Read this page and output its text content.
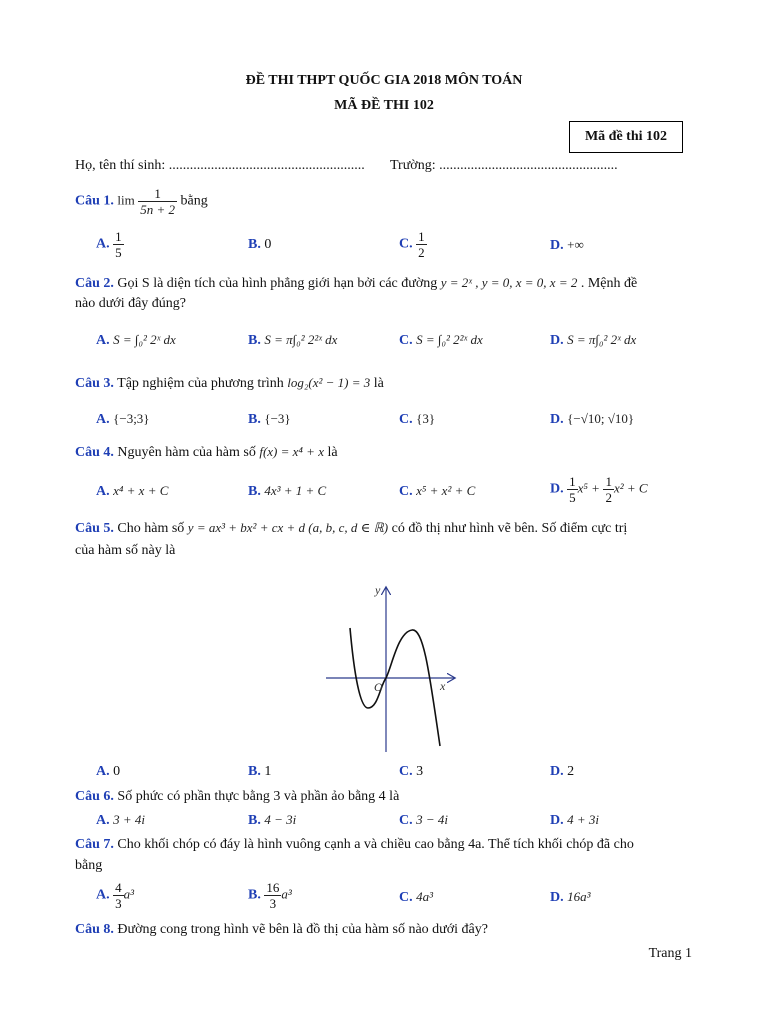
ĐỀ THI THPT QUỐC GIA 2018 MÔN TOÁN
MÃ ĐỀ THI 102
Mã đề thi 102
Họ, tên thí sinh: ........................................................ Trường: ...................................................
Câu 1. $\lim \frac{1}{5n + 2}$ bằng
A. $\frac{1}{5}$	B. 0	C. $\frac{1}{2}$	D. +∞
Câu 2. Gọi S là diện tích của hình phẳng giới hạn bởi các đường y = 2ˣ , y = 0, x = 0, x = 2 . Mệnh đề
nào dưới đây đúng?
A. S = ∫₀² 2ˣ dx	B. S = π∫₀² 2²ˣ dx	C. S = ∫₀² 2²ˣ dx	D. S = π∫₀² 2ˣ dx
Câu 3. Tập nghiệm của phương trình log₂(x² − 1) = 3 là
A. {−3;3}	B. {−3}	C. {3}	D. {−√10; √10}
Câu 4. Nguyên hàm của hàm số f(x) = x⁴ + x là
A. x⁴ + x + C	B. 4x³ + 1 + C	C. x⁵ + x² + C	D. $\frac{1}{5} x^5 + \frac{1}{2} x^2 + C$
Câu 5. Cho hàm số y = ax³ + bx² + cx + d (a, b, c, d ∈ ℝ) có đồ thị như hình vẽ bên. Số điểm cực trị
của hàm số này là
y
x
O
A. 0	B. 1	C. 3	D. 2
Câu 6. Số phức có phần thực bằng 3 và phần ảo bằng 4 là
A. 3 + 4i	B. 4 − 3i	C. 3 − 4i	D. 4 + 3i
Câu 7. Cho khối chóp có đáy là hình vuông cạnh a và chiều cao bằng 4a. Thể tích khối chóp đã cho
bằng
A. $\frac{4}{3} a^3$	B. $\frac{16}{3} a^3$	C. 4a³	D. 16a³
Câu 8. Đường cong trong hình vẽ bên là đồ thị của hàm số nào dưới đây?
Trang 1
